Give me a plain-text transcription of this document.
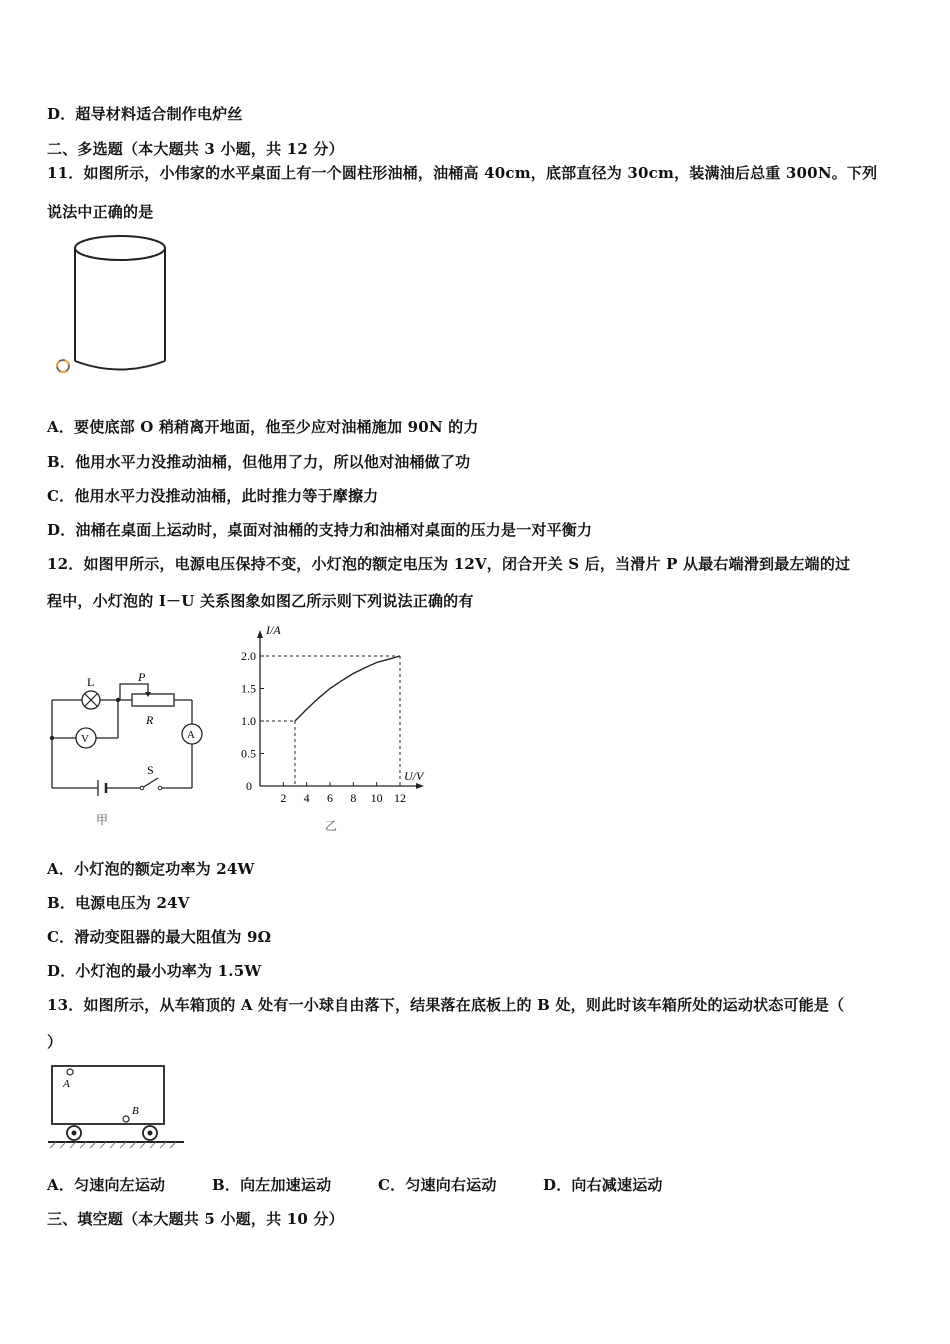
D．超导材料适合制作电炉丝
二、多选题（本大题共 3 小题，共 12 分）
11．如图所示，小伟家的水平桌面上有一个圆柱形油桶，油桶高 40cm，底部直径为 30cm，装满油后总重 300N。下列
说法中正确的是
A．要使底部 O 稍稍离开地面，他至少应对油桶施加 90N 的力
B．他用水平力没推动油桶，但他用了力，所以他对油桶做了功
C．他用水平力没推动油桶，此时推力等于摩擦力
D．油桶在桌面上运动时，桌面对油桶的支持力和油桶对桌面的压力是一对平衡力
12．如图甲所示，电源电压保持不变，小灯泡的额定电压为 12V，闭合开关 S 后，当滑片 P 从最右端滑到最左端的过
程中，小灯泡的 I－U 关系图象如图乙所示则下列说法正确的有
L	P
R
V	A
S
甲
2 4 6 8 10 12
0.5
1.0
1.5
2.0
I/A
U/V
0
乙
A．小灯泡的额定功率为 24W
B．电源电压为 24V
C．滑动变阻器的最大阻值为 9Ω
D．小灯泡的最小功率为 1.5W
13．如图所示，从车箱顶的 A 处有一小球自由落下，结果落在底板上的 B 处，则此时该车箱所处的运动状态可能是（
）
A
B
A．匀速向左运动	B．向左加速运动	C．匀速向右运动	D．向右减速运动
三、填空题（本大题共 5 小题，共 10 分）
